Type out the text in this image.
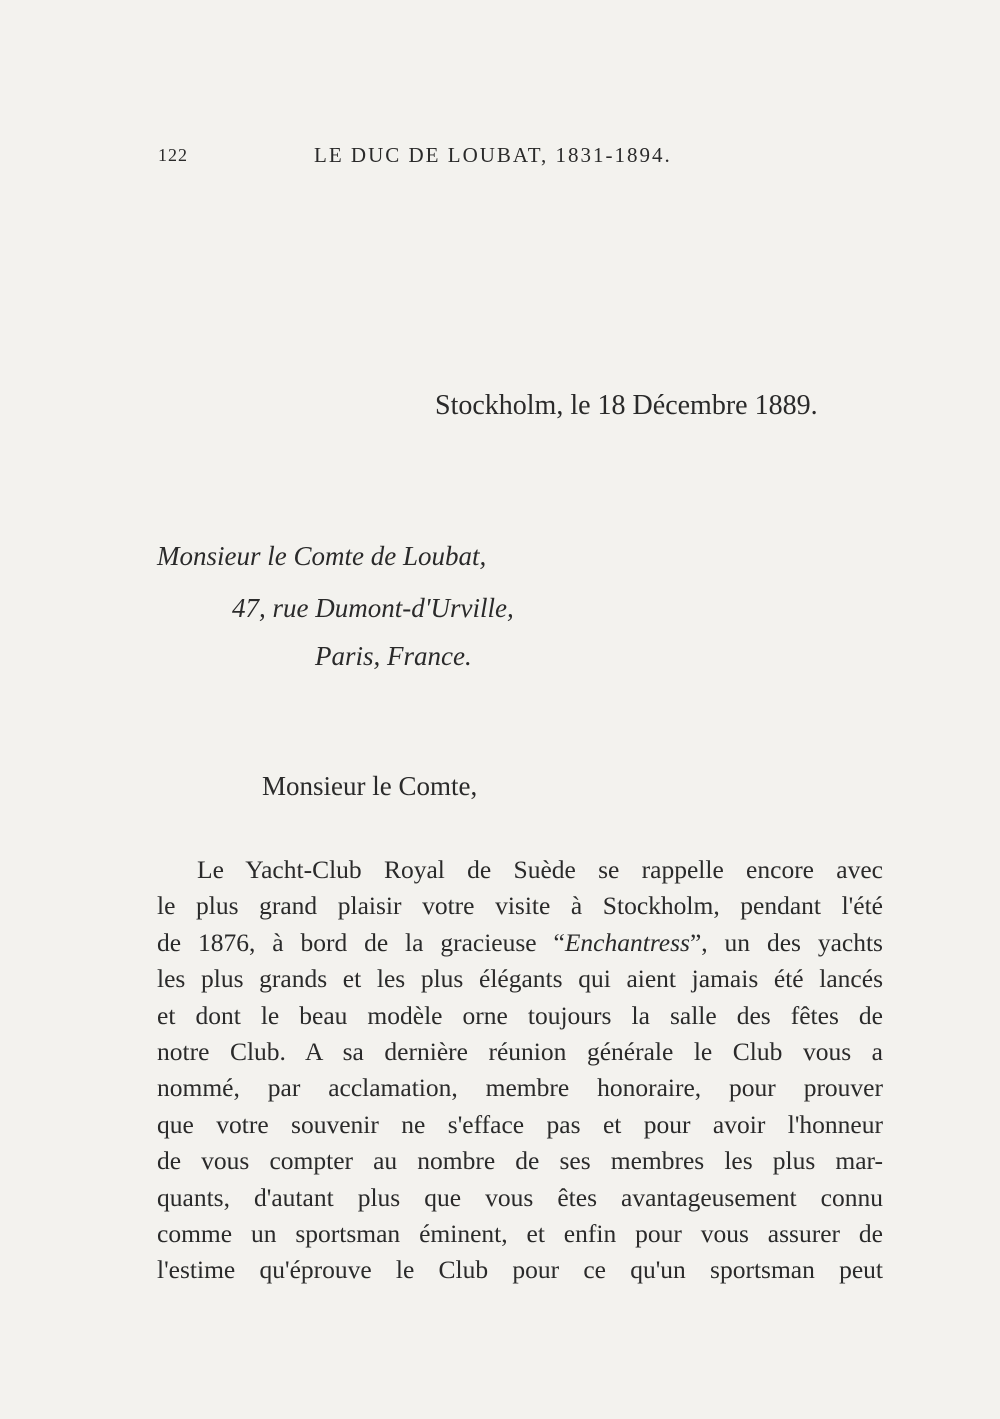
122	LE DUC DE LOUBAT, 1831-1894.
Stockholm, le 18 Décembre 1889.
Monsieur le Comte de Loubat,
47, rue Dumont-d'Urville,
Paris, France.
Monsieur le Comte,
Le Yacht-Club Royal de Suède se rappelle encore avec
le plus grand plaisir votre visite à Stockholm, pendant l'été
de 1876, à bord de la gracieuse “Enchantress”, un des yachts
les plus grands et les plus élégants qui aient jamais été lancés
et dont le beau modèle orne toujours la salle des fêtes de
notre Club. A sa dernière réunion générale le Club vous a
nommé, par acclamation, membre honoraire, pour prouver
que votre souvenir ne s'efface pas et pour avoir l'honneur
de vous compter au nombre de ses membres les plus mar-
quants, d'autant plus que vous êtes avantageusement connu
comme un sportsman éminent, et enfin pour vous assurer de
l'estime qu'éprouve le Club pour ce qu'un sportsman peut
